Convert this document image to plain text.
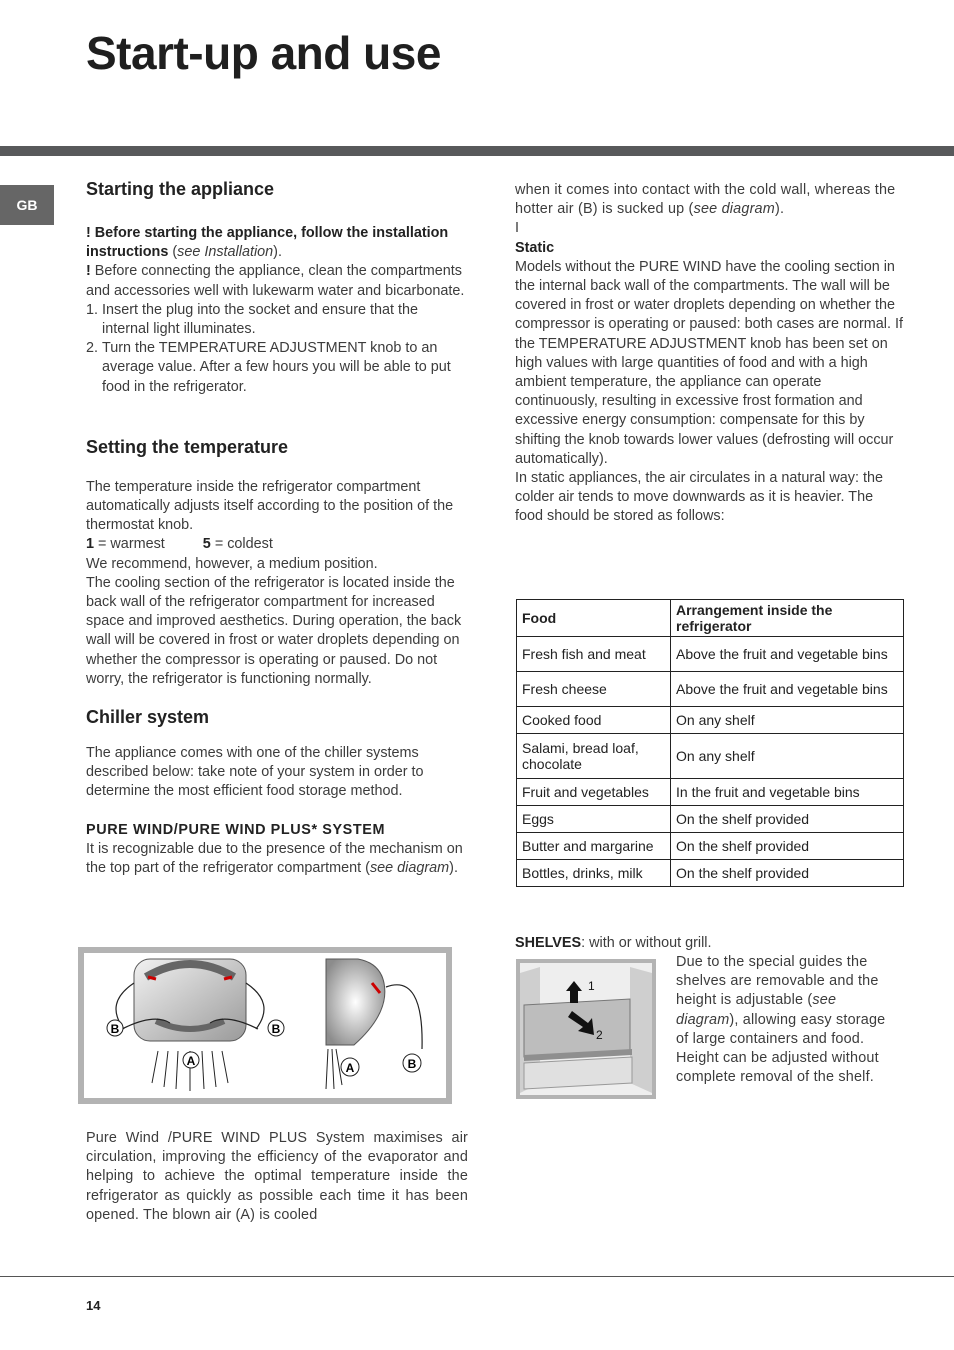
Start-up and use
GB
Starting the appliance

! Before starting the appliance, follow the installation instructions (see Installation).

! Before connecting the appliance, clean the compartments and accessories well with lukewarm water and bicarbonate.

1. Insert the plug into the socket and ensure that the internal light illuminates.
2. Turn the TEMPERATURE ADJUSTMENT knob to an average value. After a few hours you will be able to put food in the refrigerator.
Setting the temperature

The temperature inside the refrigerator compartment automatically adjusts itself according to the position of the thermostat knob.

1 = warmest	5 = coldest

We recommend, however, a medium position.

The cooling section of the refrigerator is located inside the back wall of the refrigerator compartment for increased space and improved aesthetics. During operation, the back wall will be covered in frost or water droplets depending on whether the compressor is operating or paused. Do not worry, the refrigerator is functioning normally.

Chiller system

The appliance comes with one of the chiller systems described below: take note of your system in order to determine the most efficient food storage method.

PURE WIND/PURE WIND PLUS* SYSTEM

It is recognizable due to the presence of the mechanism on the top part of the refrigerator compartment (see diagram).

B	B
A	A	B

Pure Wind /PURE WIND PLUS System maximises air circulation, improving the efficiency of the evaporator and helping to achieve the optimal temperature inside the refrigerator as quickly as possible each time it has been opened. The blown air (A) is cooled

when it comes into contact with the cold wall, whereas the hotter air (B) is sucked up (see diagram).

I

Static

Models without the PURE WIND have the cooling section in the internal back wall of the compartments. The wall will be covered in frost or water droplets depending on whether the compressor is operating or paused: both cases are normal. If the TEMPERATURE ADJUSTMENT knob has been set on high values with large quantities of food and with a high ambient temperature, the appliance can operate continuously, resulting in excessive frost formation and excessive energy consumption: compensate for this by shifting the knob towards lower values (defrosting will occur automatically).

In static appliances, the air circulates in a natural way: the colder air tends to move downwards as it is heavier. The food should be stored as follows:

Food	Arrangement inside the refrigerator
Fresh fish and meat	Above the fruit and vegetable bins
Fresh cheese	Above the fruit and vegetable bins
Cooked food	On any shelf
Salami, bread loaf, chocolate	On any shelf
Fruit and vegetables	In the fruit and vegetable bins
Eggs	On the shelf provided
Butter and margarine	On the shelf provided
Bottles, drinks, milk	On the shelf provided

SHELVES: with or without grill.

1
2

Due to the special guides the shelves are removable and the height is adjustable (see diagram), allowing easy storage of large containers and food. Height can be adjusted without complete removal of the shelf.

14
